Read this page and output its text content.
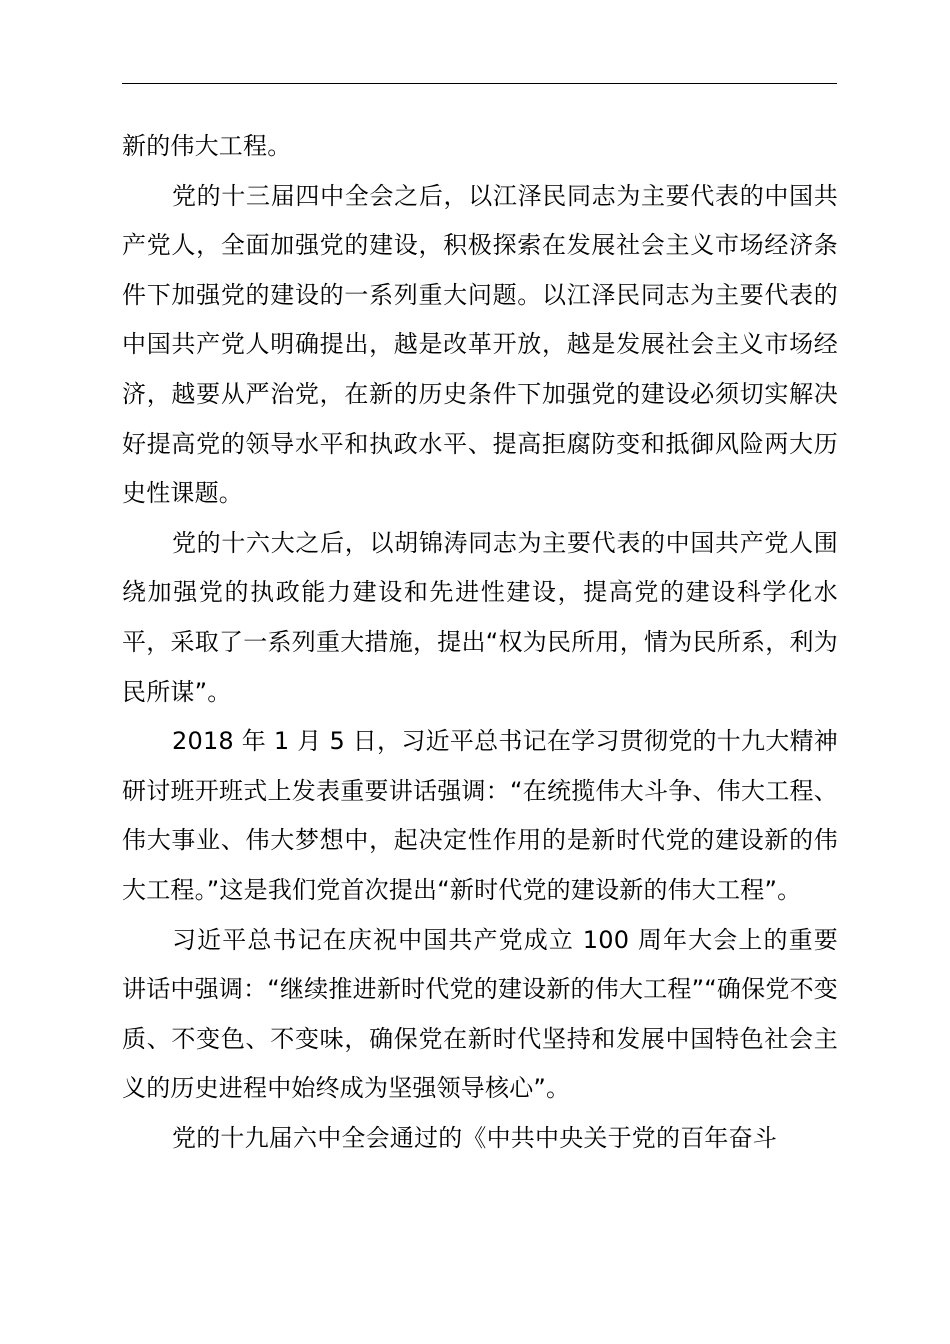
新的伟大工程。

党的十三届四中全会之后，以江泽民同志为主要代表的中国共产党人，全面加强党的建设，积极探索在发展社会主义市场经济条件下加强党的建设的一系列重大问题。以江泽民同志为主要代表的中国共产党人明确提出，越是改革开放，越是发展社会主义市场经济，越要从严治党，在新的历史条件下加强党的建设必须切实解决好提高党的领导水平和执政水平、提高拒腐防变和抵御风险两大历史性课题。

党的十六大之后，以胡锦涛同志为主要代表的中国共产党人围绕加强党的执政能力建设和先进性建设，提高党的建设科学化水平，采取了一系列重大措施，提出“权为民所用，情为民所系，利为民所谋”。

2018 年 1 月 5 日，习近平总书记在学习贯彻党的十九大精神研讨班开班式上发表重要讲话强调：“在统揽伟大斗争、伟大工程、伟大事业、伟大梦想中，起决定性作用的是新时代党的建设新的伟大工程。”这是我们党首次提出“新时代党的建设新的伟大工程”。

习近平总书记在庆祝中国共产党成立 100 周年大会上的重要讲话中强调：“继续推进新时代党的建设新的伟大工程”“确保党不变质、不变色、不变味，确保党在新时代坚持和发展中国特色社会主义的历史进程中始终成为坚强领导核心”。

党的十九届六中全会通过的《中共中央关于党的百年奋斗
